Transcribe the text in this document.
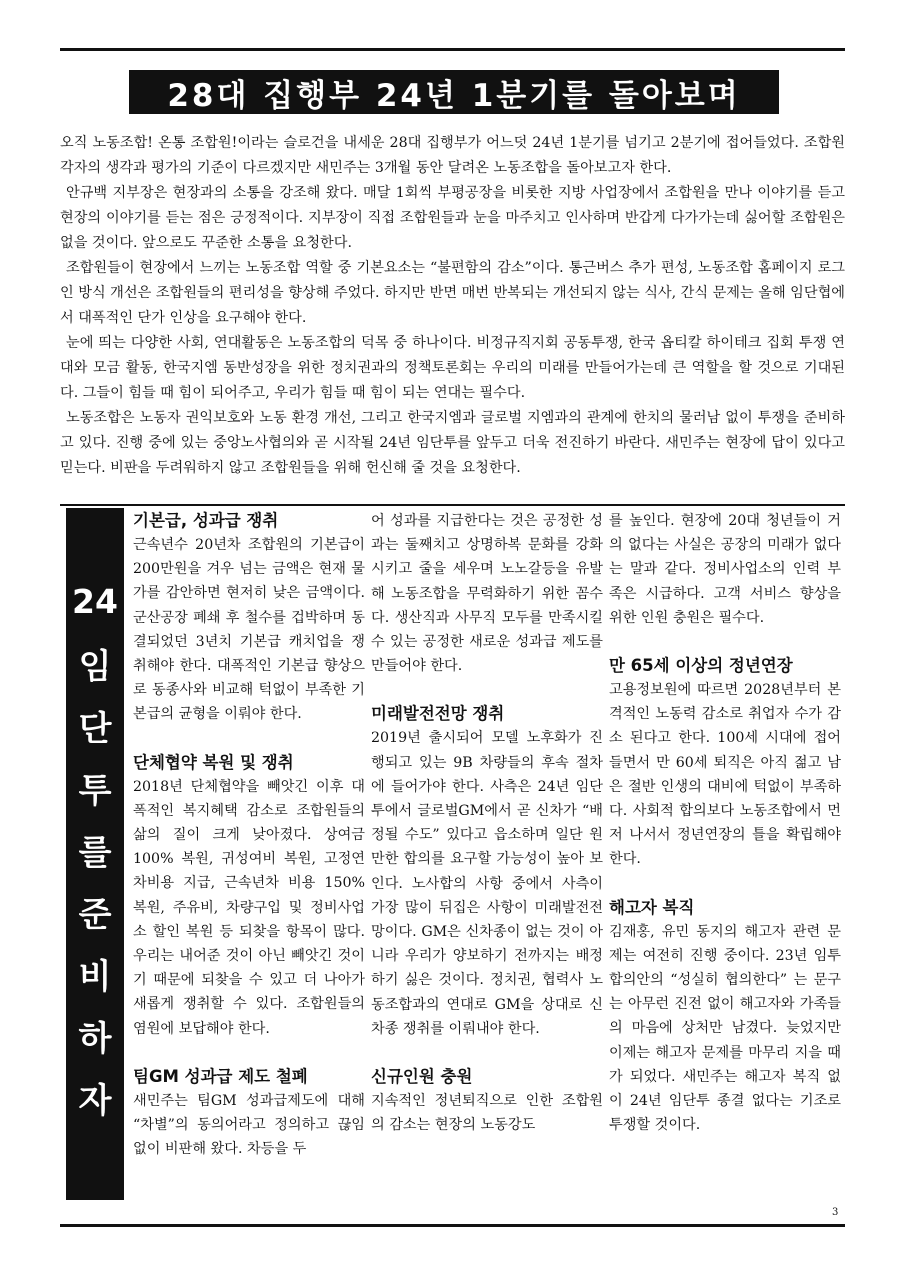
28대 집행부 24년 1분기를 돌아보며

오직 노동조합! 온통 조합원!이라는 슬로건을 내세운 28대 집행부가 어느덧 24년 1분기를 넘기고 2분기에 접어들었다. 조합원 각자의 생각과 평가의 기준이 다르겠지만 새민주는 3개월 동안 달려온 노동조합을 돌아보고자 한다.

안규백 지부장은 현장과의 소통을 강조해 왔다. 매달 1회씩 부평공장을 비롯한 지방 사업장에서 조합원을 만나 이야기를 듣고 현장의 이야기를 듣는 점은 긍정적이다. 지부장이 직접 조합원들과 눈을 마주치고 인사하며 반갑게 다가가는데 싫어할 조합원은 없을 것이다. 앞으로도 꾸준한 소통을 요청한다.

조합원들이 현장에서 느끼는 노동조합 역할 중 기본요소는 “불편함의 감소”이다. 통근버스 추가 편성, 노동조합 홈페이지 로그인 방식 개선은 조합원들의 편리성을 향상해 주었다. 하지만 반면 매번 반복되는 개선되지 않는 식사, 간식 문제는 올해 임단협에서 대폭적인 단가 인상을 요구해야 한다.

눈에 띄는 다양한 사회, 연대활동은 노동조합의 덕목 중 하나이다. 비정규직지회 공동투쟁, 한국 옵티칼 하이테크 집회 투쟁 연대와 모금 활동, 한국지엠 동반성장을 위한 정치권과의 정책토론회는 우리의 미래를 만들어가는데 큰 역할을 할 것으로 기대된다. 그들이 힘들 때 힘이 되어주고, 우리가 힘들 때 힘이 되는 연대는 필수다.

노동조합은 노동자 권익보호와 노동 환경 개선, 그리고 한국지엠과 글로벌 지엠과의 관계에 한치의 물러남 없이 투쟁을 준비하고 있다. 진행 중에 있는 중앙노사협의와 곧 시작될 24년 임단투를 앞두고 더욱 전진하기 바란다. 새민주는 현장에 답이 있다고 믿는다. 비판을 두려워하지 않고 조합원들을 위해 헌신해 줄 것을 요청한다.

24
임
단
투
를
준
비
하
자
기본급, 성과급 쟁취

근속년수 20년차 조합원의 기본급이 200만원을 겨우 넘는 금액은 현재 물가를 감안하면 현저히 낮은 금액이다. 군산공장 폐쇄 후 철수를 겁박하며 동결되었던 3년치 기본급 캐치업을 쟁취해야 한다. 대폭적인 기본급 향상으로 동종사와 비교해 턱없이 부족한 기본급의 균형을 이뤄야 한다.

단체협약 복원 및 쟁취

2018년 단체협약을 빼앗긴 이후 대폭적인 복지혜택 감소로 조합원들의 삶의 질이 크게 낮아졌다. 상여금 100% 복원, 귀성여비 복원, 고정연차비용 지급, 근속년차 비용 150% 복원, 주유비, 차량구입 및 정비사업소 할인 복원 등 되찾을 항목이 많다. 우리는 내어준 것이 아닌 빼앗긴 것이기 때문에 되찾을 수 있고 더 나아가 새롭게 쟁취할 수 있다. 조합원들의 염원에 보답해야 한다.

팀GM 성과급 제도 철폐

새민주는 팀GM 성과급제도에 대해 “차별”의 동의어라고 정의하고 끊임없이 비판해 왔다. 차등을 두

어 성과를 지급한다는 것은 공정한 성과는 둘째치고 상명하복 문화를 강화시키고 줄을 세우며 노노갈등을 유발해 노동조합을 무력화하기 위한 꼼수다. 생산직과 사무직 모두를 만족시킬 수 있는 공정한 새로운 성과급 제도를 만들어야 한다.

미래발전전망 쟁취

2019년 출시되어 모델 노후화가 진행되고 있는 9B 차량들의 후속 절차에 들어가야 한다. 사측은 24년 임단투에서 글로벌GM에서 곧 신차가 “배정될 수도” 있다고 읍소하며 일단 원만한 합의를 요구할 가능성이 높아 보인다. 노사합의 사항 중에서 사측이 가장 많이 뒤집은 사항이 미래발전전망이다. GM은 신차종이 없는 것이 아니라 우리가 양보하기 전까지는 배정하기 싫은 것이다. 정치권, 협력사 노동조합과의 연대로 GM을 상대로 신차종 쟁취를 이뤄내야 한다.

신규인원 충원

지속적인 정년퇴직으로 인한 조합원의 감소는 현장의 노동강도

를 높인다. 현장에 20대 청년들이 거의 없다는 사실은 공장의 미래가 없다는 말과 같다. 정비사업소의 인력 부족은 시급하다. 고객 서비스 향상을 위한 인원 충원은 필수다.

만 65세 이상의 정년연장

고용정보원에 따르면 2028년부터 본격적인 노동력 감소로 취업자 수가 감소 된다고 한다. 100세 시대에 접어들면서 만 60세 퇴직은 아직 젊고 남은 절반 인생의 대비에 턱없이 부족하다. 사회적 합의보다 노동조합에서 먼저 나서서 정년연장의 틀을 확립해야 한다.

해고자 복직

김재홍, 유민 동지의 해고자 관련 문제는 여전히 진행 중이다. 23년 임투 합의안의 “성실히 협의한다” 는 문구는 아무런 진전 없이 해고자와 가족들의 마음에 상처만 남겼다. 늦었지만 이제는 해고자 문제를 마무리 지을 때가 되었다. 새민주는 해고자 복직 없이 24년 임단투 종결 없다는 기조로 투쟁할 것이다.

3
